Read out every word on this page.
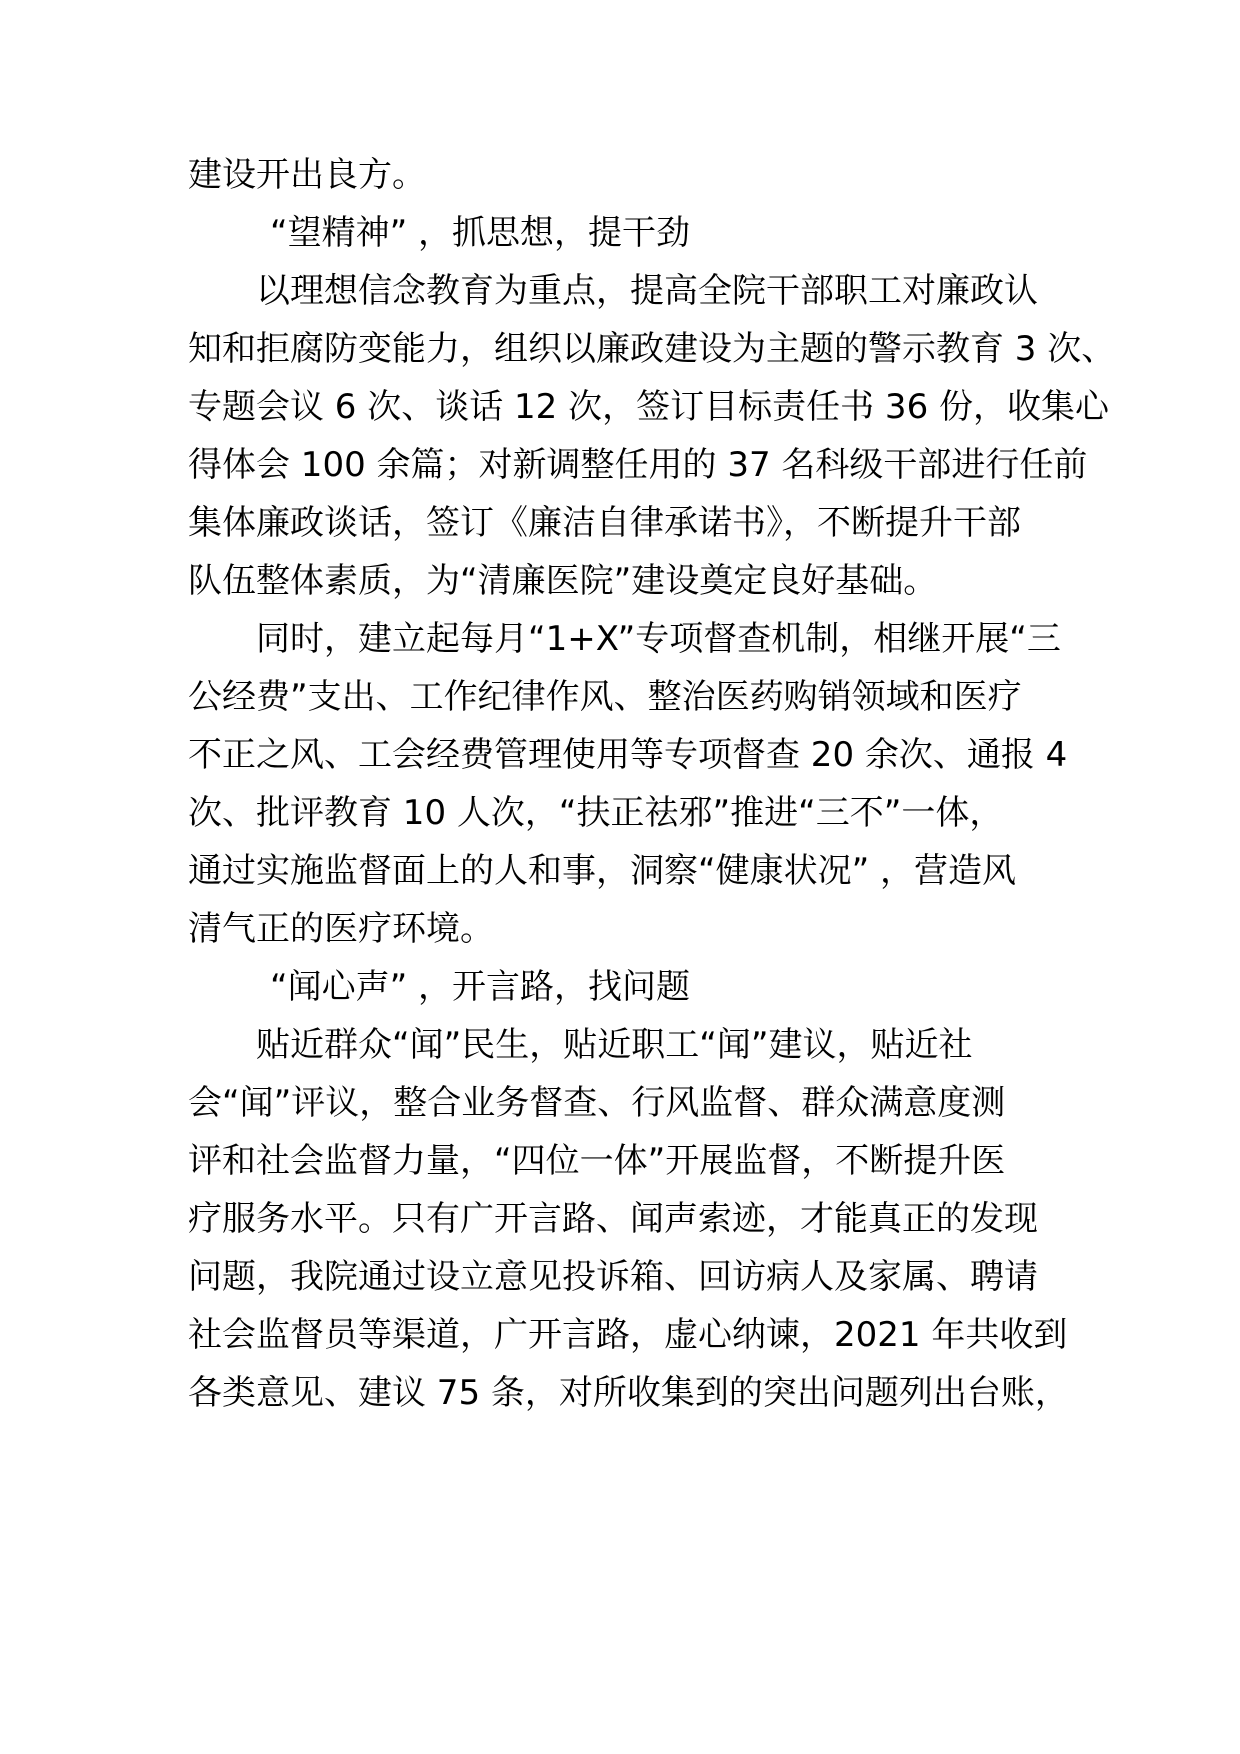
建设开出良方。
“望精神” ，抓思想，提干劲
以理想信念教育为重点，提高全院干部职工对廉政认
知和拒腐防变能力，组织以廉政建设为主题的警示教育 3 次、
专题会议 6 次、谈话 12 次，签订目标责任书 36 份，收集心
得体会 100 余篇；对新调整任用的 37 名科级干部进行任前
集体廉政谈话，签订《廉洁自律承诺书》，不断提升干部
队伍整体素质，为“清廉医院”建设奠定良好基础。
同时，建立起每月“1+X”专项督查机制，相继开展“三
公经费”支出、工作纪律作风、整治医药购销领域和医疗
不正之风、工会经费管理使用等专项督查 20 余次、通报 4
次、批评教育 10 人次，“扶正祛邪”推进“三不”一体，
通过实施监督面上的人和事，洞察“健康状况” ，营造风
清气正的医疗环境。
“闻心声” ，开言路，找问题
贴近群众“闻”民生，贴近职工“闻”建议，贴近社
会“闻”评议，整合业务督查、行风监督、群众满意度测
评和社会监督力量，“四位一体”开展监督，不断提升医
疗服务水平。只有广开言路、闻声索迹，才能真正的发现
问题，我院通过设立意见投诉箱、回访病人及家属、聘请
社会监督员等渠道，广开言路，虚心纳谏，2021 年共收到
各类意见、建议 75 条，对所收集到的突出问题列出台账，
